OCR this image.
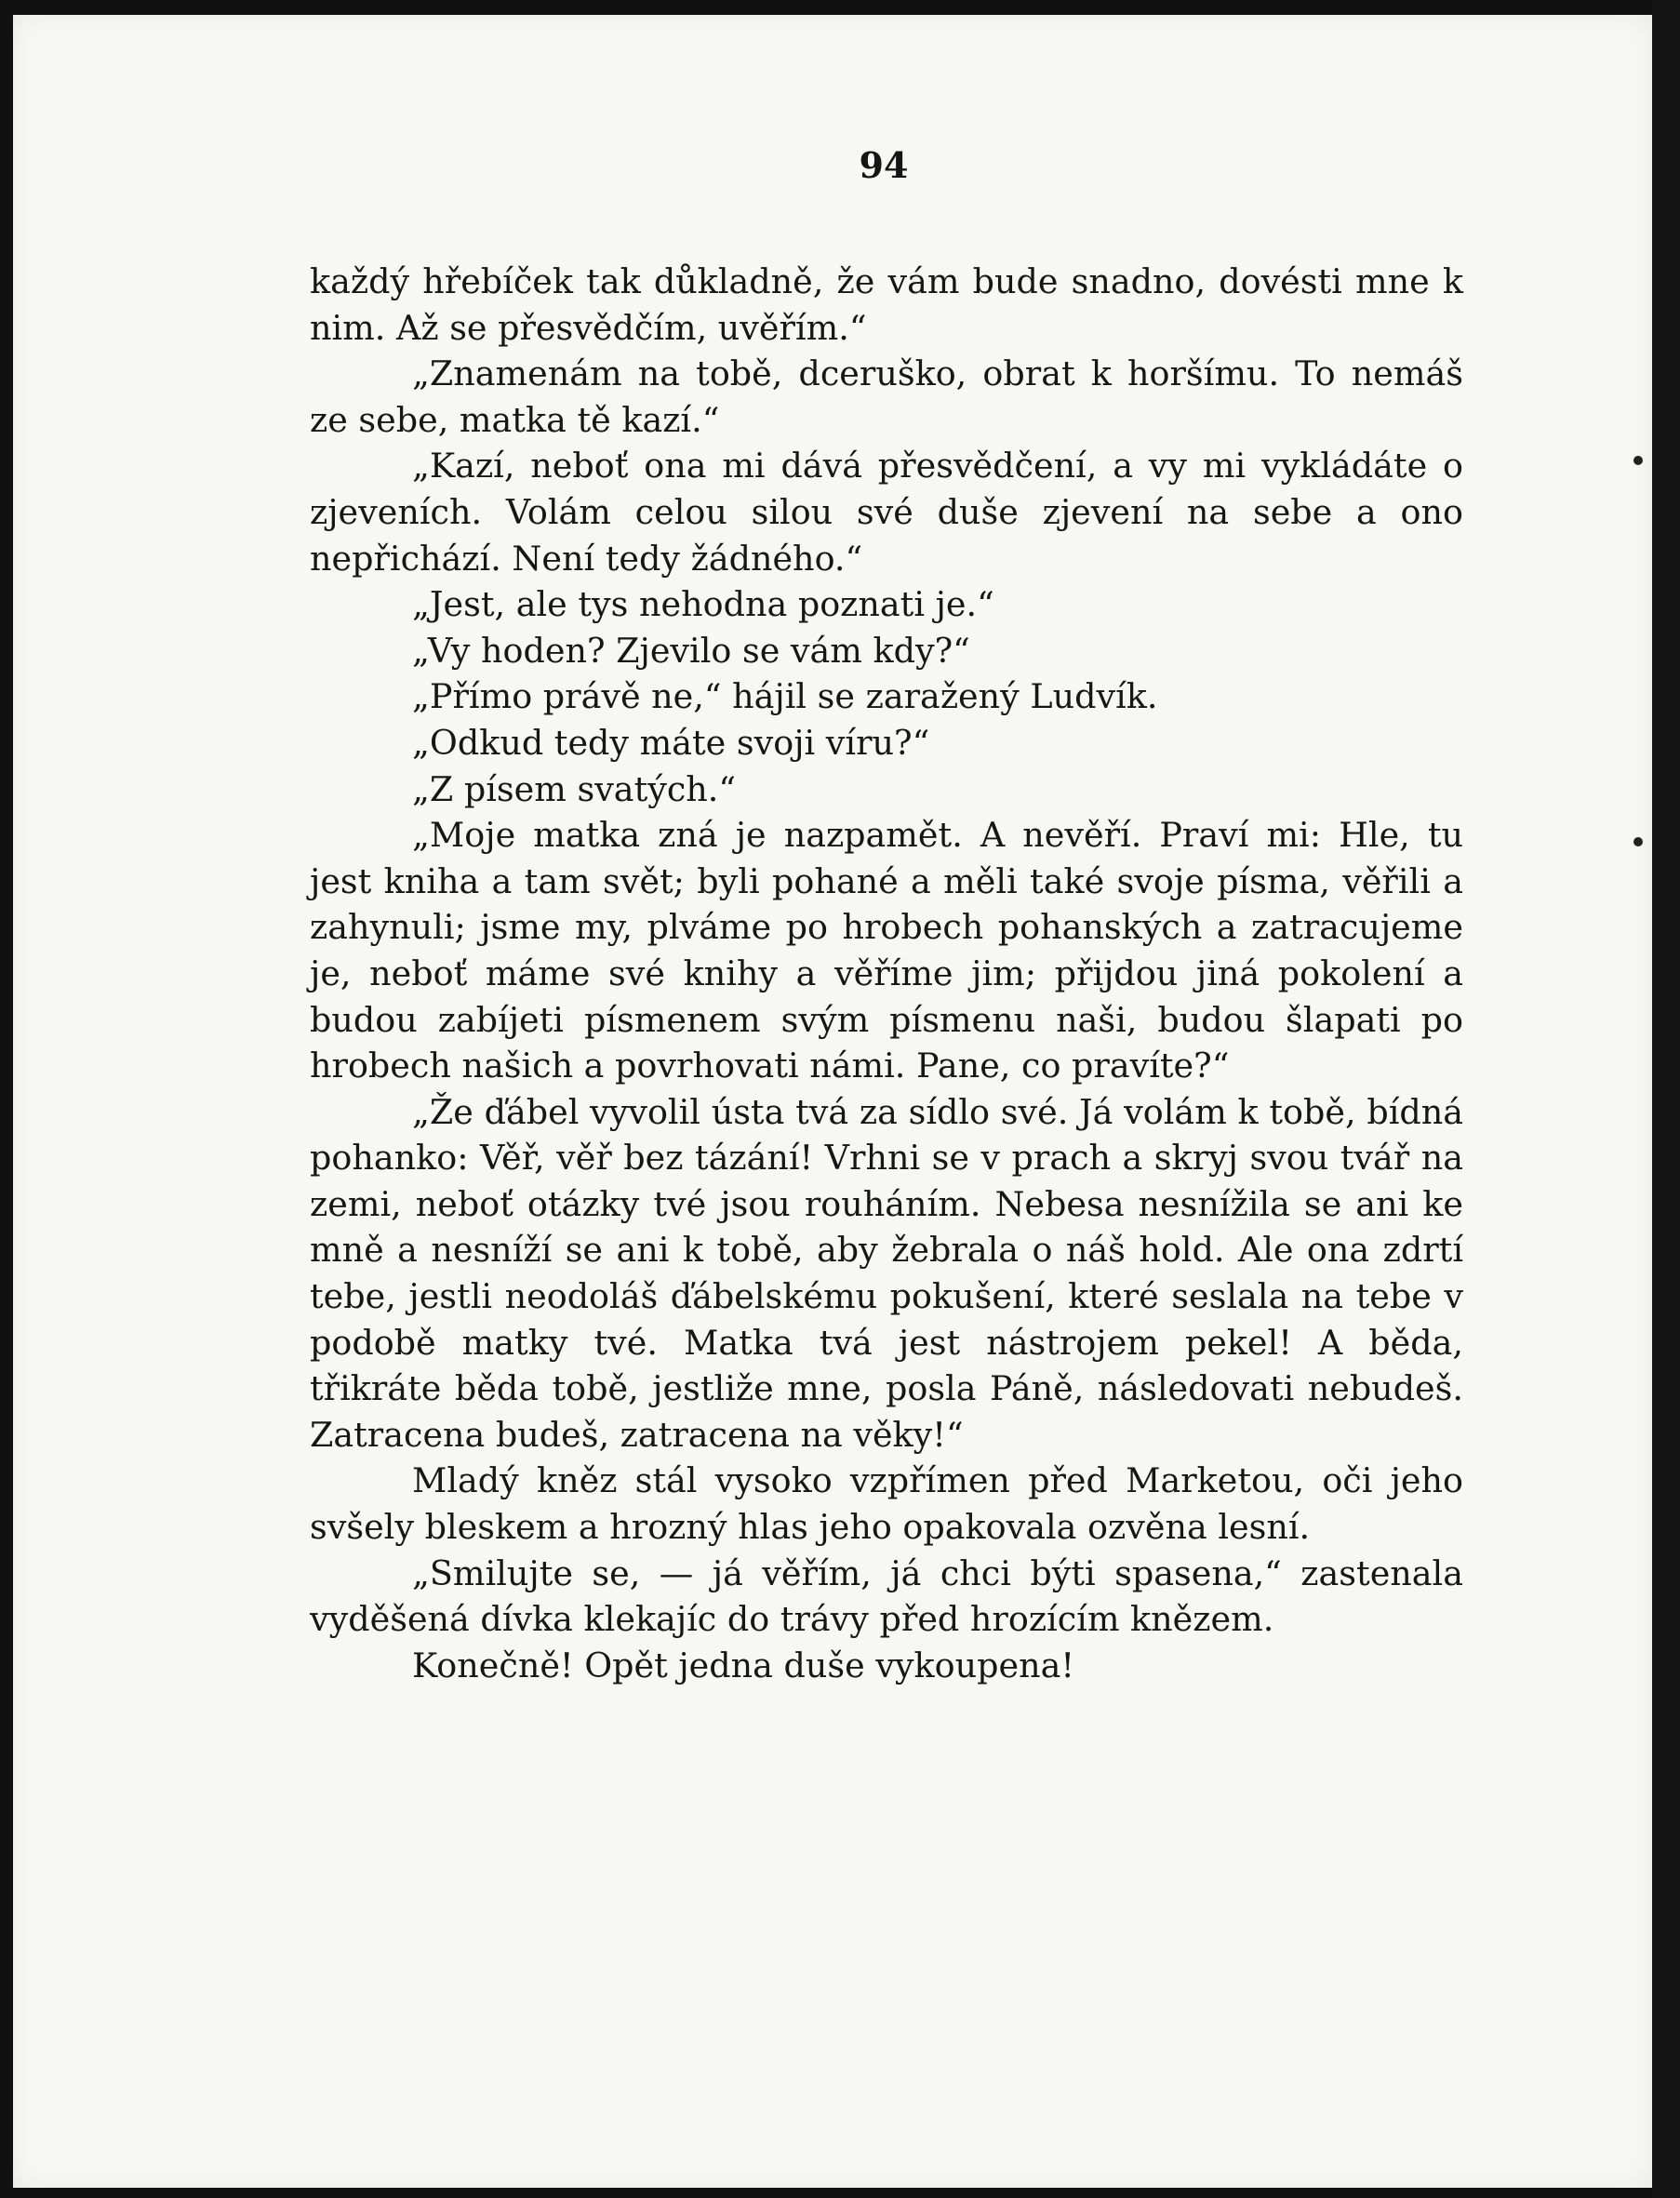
94

každý hřebíček tak důkladně, že vám bude snadno, dovésti mne k nim. Až se přesvědčím, uvěřím.“

„Znamenám na tobě, dceruško, obrat k horšímu. To nemáš ze sebe, matka tě kazí.“

„Kazí, neboť ona mi dává přesvědčení, a vy mi vykládáte o zjeveních. Volám celou silou své duše zjevení na sebe a ono nepřichází. Není tedy žádného.“

„Jest, ale tys nehodna poznati je.“

„Vy hoden? Zjevilo se vám kdy?“

„Přímo právě ne,“ hájil se zaražený Ludvík.

„Odkud tedy máte svoji víru?“

„Z písem svatých.“

„Moje matka zná je nazpamět. A nevěří. Praví mi: Hle, tu jest kniha a tam svět; byli pohané a měli také svoje písma, věřili a zahynuli; jsme my, plváme po hrobech pohanských a zatracujeme je, neboť máme své knihy a věříme jim; přijdou jiná pokolení a budou zabíjeti písmenem svým písmenu naši, budou šlapati po hrobech našich a povrhovati námi. Pane, co pravíte?“

„Že ďábel vyvolil ústa tvá za sídlo své. Já volám k tobě, bídná pohanko: Věř, věř bez tázání! Vrhni se v prach a skryj svou tvář na zemi, neboť otázky tvé jsou rouháním. Nebesa nesnížila se ani ke mně a nesníží se ani k tobě, aby žebrala o náš hold. Ale ona zdrtí tebe, jestli neodoláš ďábelskému pokušení, které seslala na tebe v podobě matky tvé. Matka tvá jest nástrojem pekel! A běda, třikráte běda tobě, jestliže mne, posla Páně, následovati nebudeš. Zatracena budeš, zatracena na věky!“

Mladý kněz stál vysoko vzpřímen před Marketou, oči jeho svšely bleskem a hrozný hlas jeho opakovala ozvěna lesní.

„Smilujte se, — já věřím, já chci býti spasena,“ zastenala vyděšená dívka klekajíc do trávy před hrozícím knězem.

Konečně! Opět jedna duše vykoupena!
